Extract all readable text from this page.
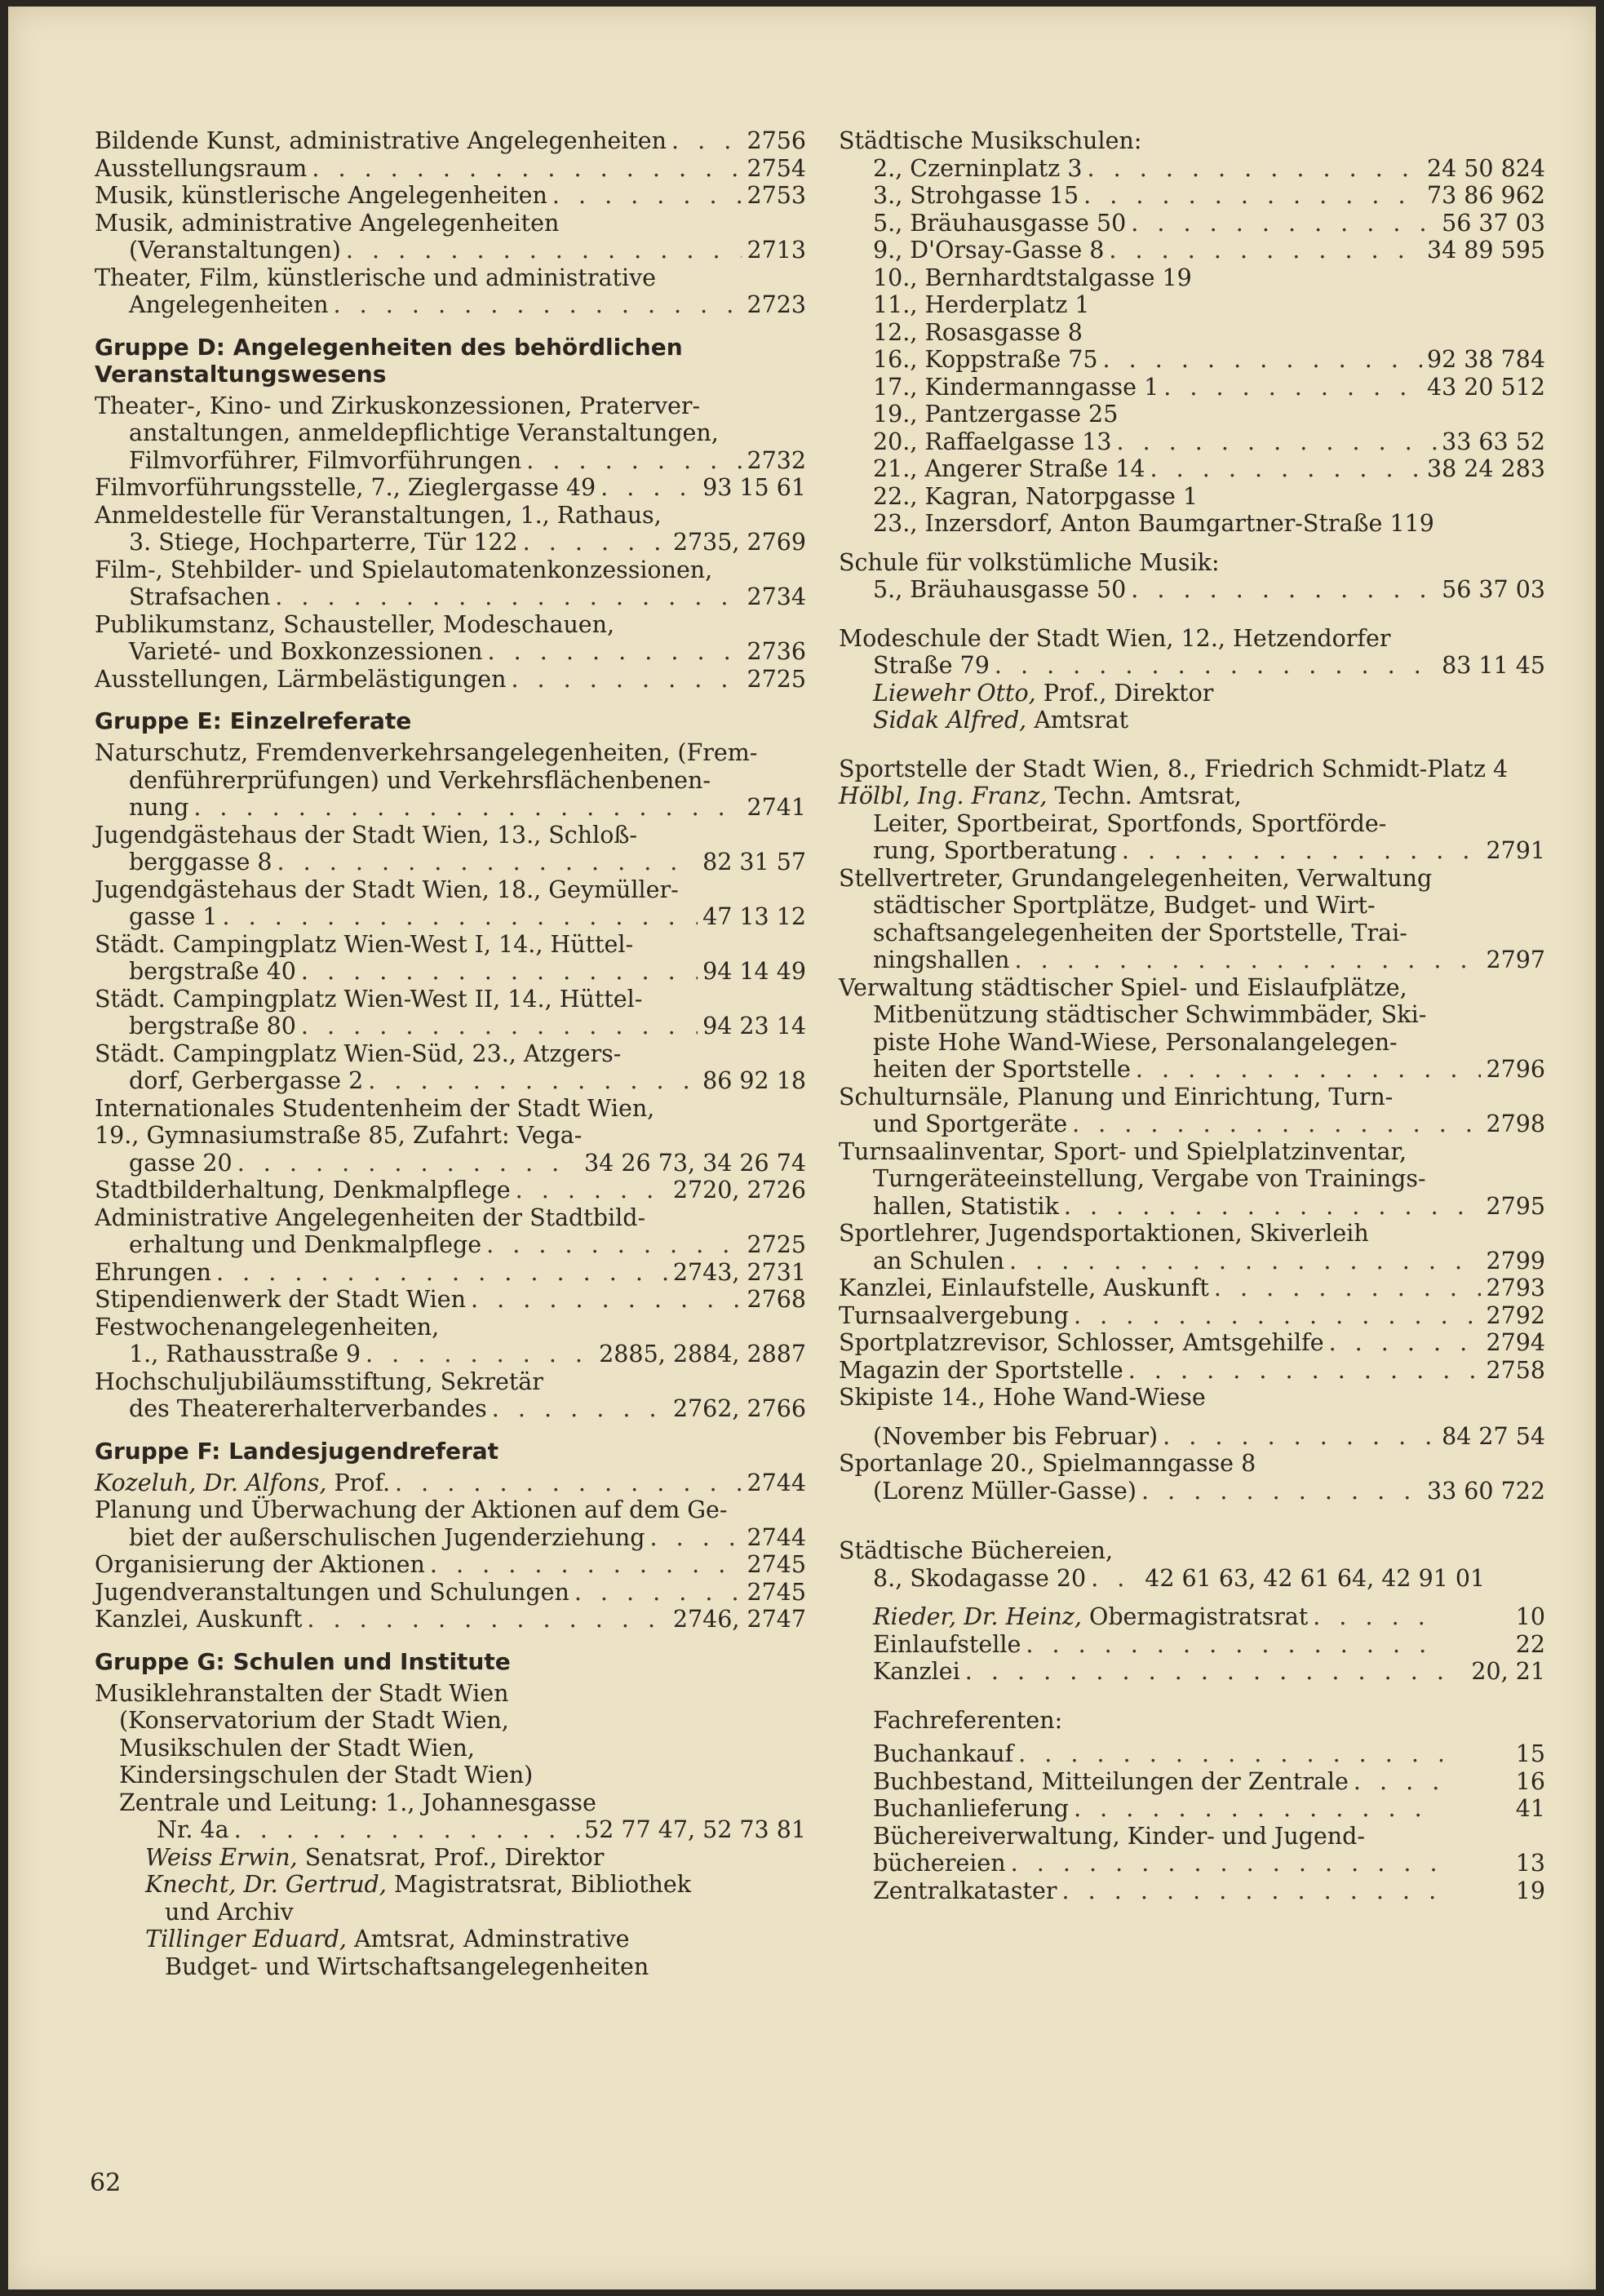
Bildende Kunst, administrative Angelegenheiten . . .	2756
Ausstellungsraum . . .	2754
Musik, künstlerische Angelegenheiten . . .	2753
Musik, administrative Angelegenheiten
(Veranstaltungen) . . .	2713
Theater, Film, künstlerische und administrative
Angelegenheiten . . .	2723
Gruppe D: Angelegenheiten des behördlichen
Veranstaltungswesens
Theater-, Kino- und Zirkuskonzessionen, Praterver-
anstaltungen, anmeldepflichtige Veranstaltungen,
Filmvorführer, Filmvorführungen . . .	2732
Filmvorführungsstelle, 7., Zieglergasse 49 . . .	93 15 61
Anmeldestelle für Veranstaltungen, 1., Rathaus,
3. Stiege, Hochparterre, Tür 122 . . .	2735, 2769
Film-, Stehbilder- und Spielautomatenkonzessionen,
Strafsachen . . .	2734
Publikumstanz, Schausteller, Modeschauen,
Varieté- und Boxkonzessionen . . .	2736
Ausstellungen, Lärmbelästigungen . . .	2725
Gruppe E: Einzelreferate
Naturschutz, Fremdenverkehrsangelegenheiten, (Frem-
denführerprüfungen) und Verkehrsflächenbenen-
nung . . .	2741
Jugendgästehaus der Stadt Wien, 13., Schloß-
berggasse 8 . . .	82 31 57
Jugendgästehaus der Stadt Wien, 18., Geymüller-
gasse 1 . . .	47 13 12
Städt. Campingplatz Wien-West I, 14., Hüttel-
bergstraße 40 . . .	94 14 49
Städt. Campingplatz Wien-West II, 14., Hüttel-
bergstraße 80 . . .	94 23 14
Städt. Campingplatz Wien-Süd, 23., Atzgers-
dorf, Gerbergasse 2 . . .	86 92 18
Internationales Studentenheim der Stadt Wien,
19., Gymnasiumstraße 85, Zufahrt: Vega-
gasse 20 . . .	34 26 73, 34 26 74
Stadtbilderhaltung, Denkmalpflege . . .	2720, 2726
Administrative Angelegenheiten der Stadtbild-
erhaltung und Denkmalpflege . . .	2725
Ehrungen . . .	2743, 2731
Stipendienwerk der Stadt Wien . . .	2768
Festwochenangelegenheiten,
1., Rathausstraße 9 . . .	2885, 2884, 2887
Hochschuljubiläumsstiftung, Sekretär
des Theatererhalterverbandes . . .	2762, 2766
Gruppe F: Landesjugendreferat
Kozeluh, Dr. Alfons, Prof. . . .	2744
Planung und Überwachung der Aktionen auf dem Ge-
biet der außerschulischen Jugenderziehung . . .	2744
Organisierung der Aktionen . . .	2745
Jugendveranstaltungen und Schulungen . . .	2745
Kanzlei, Auskunft . . .	2746, 2747
Gruppe G: Schulen und Institute
Musiklehranstalten der Stadt Wien
(Konservatorium der Stadt Wien,
Musikschulen der Stadt Wien,
Kindersingschulen der Stadt Wien)
Zentrale und Leitung: 1., Johannesgasse
Nr. 4a . . .	52 77 47, 52 73 81
Weiss Erwin, Senatsrat, Prof., Direktor
Knecht, Dr. Gertrud, Magistratsrat, Bibliothek
und Archiv
Tillinger Eduard, Amtsrat, Adminstrative
Budget- und Wirtschaftsangelegenheiten
Städtische Musikschulen:
2., Czerninplatz 3 . . .	24 50 824
3., Strohgasse 15 . . .	73 86 962
5., Bräuhausgasse 50 . . .	56 37 03
9., D'Orsay-Gasse 8 . . .	34 89 595
10., Bernhardtstalgasse 19
11., Herderplatz 1
12., Rosasgasse 8
16., Koppstraße 75 . . .	92 38 784
17., Kindermanngasse 1 . . .	43 20 512
19., Pantzergasse 25
20., Raffaelgasse 13 . . .	33 63 52
21., Angerer Straße 14 . . .	38 24 283
22., Kagran, Natorpgasse 1
23., Inzersdorf, Anton Baumgartner-Straße 119
Schule für volkstümliche Musik:
5., Bräuhausgasse 50 . . .	56 37 03
Modeschule der Stadt Wien, 12., Hetzendorfer
Straße 79 . . .	83 11 45
Liewehr Otto, Prof., Direktor
Sidak Alfred, Amtsrat
Sportstelle der Stadt Wien, 8., Friedrich Schmidt-Platz 4
Hölbl, Ing. Franz, Techn. Amtsrat,
Leiter, Sportbeirat, Sportfonds, Sportförde-
rung, Sportberatung . . .	2791
Stellvertreter, Grundangelegenheiten, Verwaltung
städtischer Sportplätze, Budget- und Wirt-
schaftsangelegenheiten der Sportstelle, Trai-
ningshallen . . .	2797
Verwaltung städtischer Spiel- und Eislaufplätze,
Mitbenützung städtischer Schwimmbäder, Ski-
piste Hohe Wand-Wiese, Personalangelegen-
heiten der Sportstelle . . .	2796
Schulturnsäle, Planung und Einrichtung, Turn-
und Sportgeräte . . .	2798
Turnsaalinventar, Sport- und Spielplatzinventar,
Turngeräteeinstellung, Vergabe von Trainings-
hallen, Statistik . . .	2795
Sportlehrer, Jugendsportaktionen, Skiverleih
an Schulen . . .	2799
Kanzlei, Einlaufstelle, Auskunft . . .	2793
Turnsaalvergebung . . .	2792
Sportplatzrevisor, Schlosser, Amtsgehilfe . . .	2794
Magazin der Sportstelle . . .	2758
Skipiste 14., Hohe Wand-Wiese
(November bis Februar) . . .	84 27 54
Sportanlage 20., Spielmanngasse 8
(Lorenz Müller-Gasse) . . .	33 60 722
Städtische Büchereien,
8., Skodagasse 20 . . .	42 61 63, 42 61 64, 42 91 01
Rieder, Dr. Heinz, Obermagistratsrat . . .	10
Einlaufstelle . . .	22
Kanzlei . . .	20, 21
Fachreferenten:
Buchankauf . . .	15
Buchbestand, Mitteilungen der Zentrale . . .	16
Buchanlieferung . . .	41
Büchereiverwaltung, Kinder- und Jugend-
büchereien . . .	13
Zentralkataster . . .	19
62
